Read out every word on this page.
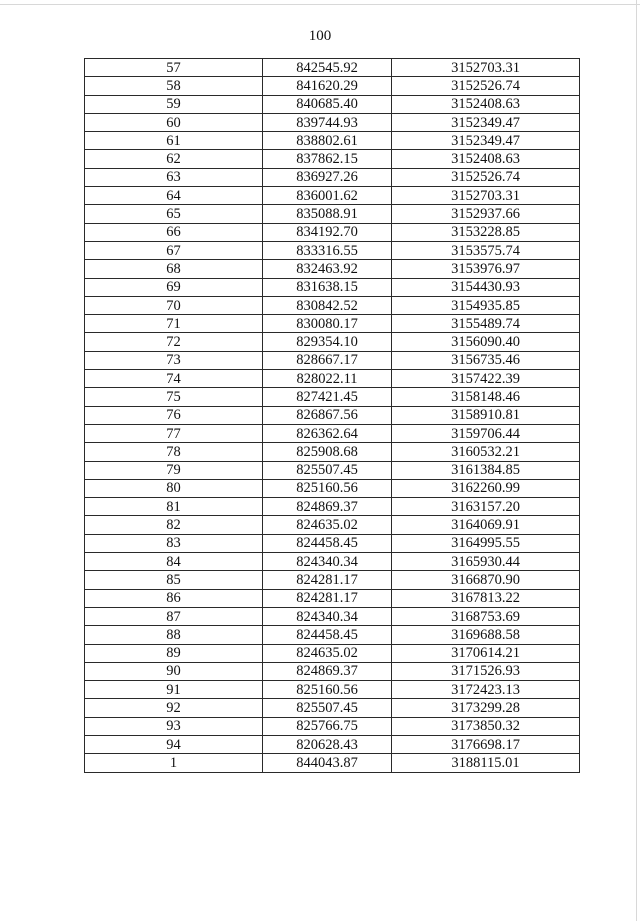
100
57	842545.92	3152703.31
58	841620.29	3152526.74
59	840685.40	3152408.63
60	839744.93	3152349.47
61	838802.61	3152349.47
62	837862.15	3152408.63
63	836927.26	3152526.74
64	836001.62	3152703.31
65	835088.91	3152937.66
66	834192.70	3153228.85
67	833316.55	3153575.74
68	832463.92	3153976.97
69	831638.15	3154430.93
70	830842.52	3154935.85
71	830080.17	3155489.74
72	829354.10	3156090.40
73	828667.17	3156735.46
74	828022.11	3157422.39
75	827421.45	3158148.46
76	826867.56	3158910.81
77	826362.64	3159706.44
78	825908.68	3160532.21
79	825507.45	3161384.85
80	825160.56	3162260.99
81	824869.37	3163157.20
82	824635.02	3164069.91
83	824458.45	3164995.55
84	824340.34	3165930.44
85	824281.17	3166870.90
86	824281.17	3167813.22
87	824340.34	3168753.69
88	824458.45	3169688.58
89	824635.02	3170614.21
90	824869.37	3171526.93
91	825160.56	3172423.13
92	825507.45	3173299.28
93	825766.75	3173850.32
94	820628.43	3176698.17
1	844043.87	3188115.01
